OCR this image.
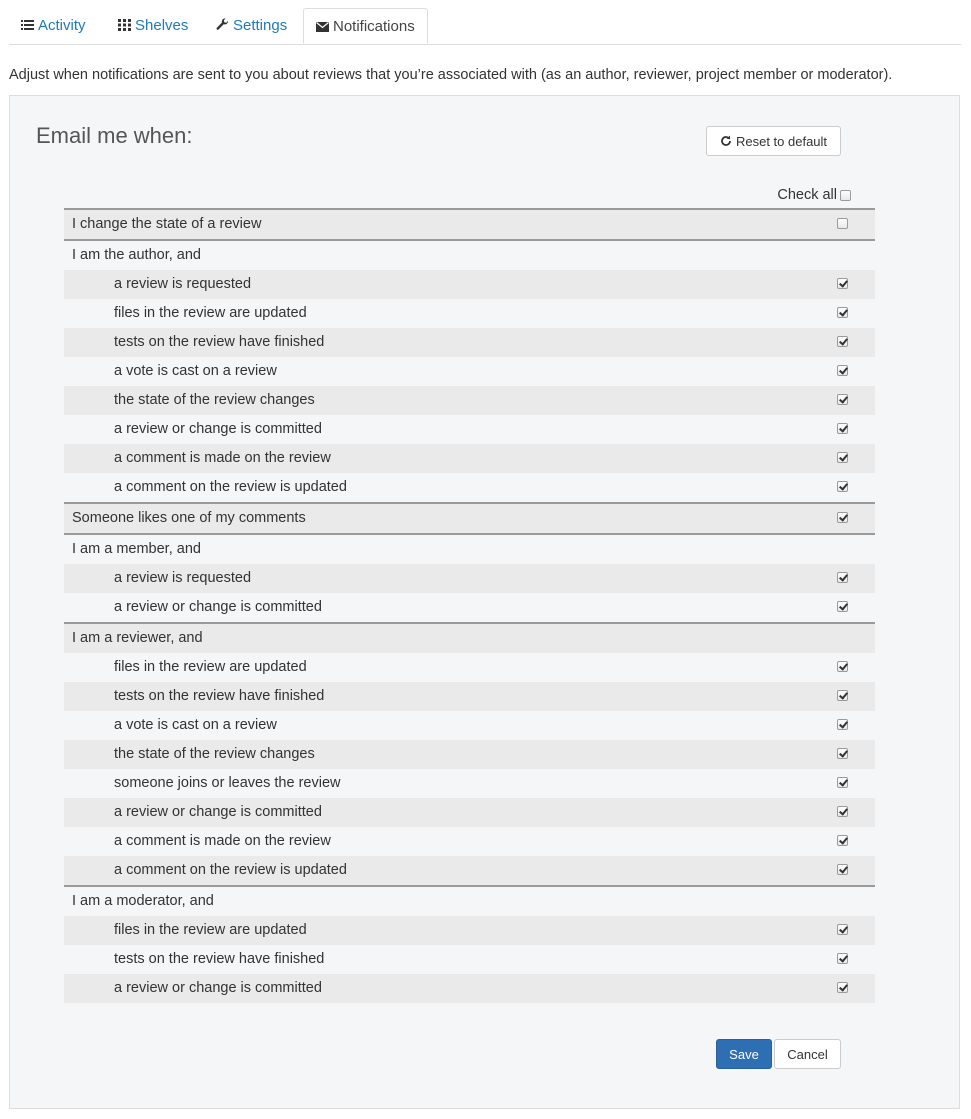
Activity	Shelves	Settings	Notifications
Adjust when notifications are sent to you about reviews that you’re associated with (as an author, reviewer, project member or moderator).
Email me when:	Reset to default
Check all
I change the state of a review
I am the author, and
a review is requested
files in the review are updated
tests on the review have finished
a vote is cast on a review
the state of the review changes
a review or change is committed
a comment is made on the review
a comment on the review is updated
Someone likes one of my comments
I am a member, and
a review is requested
a review or change is committed
I am a reviewer, and
files in the review are updated
tests on the review have finished
a vote is cast on a review
the state of the review changes
someone joins or leaves the review
a review or change is committed
a comment is made on the review
a comment on the review is updated
I am a moderator, and
files in the review are updated
tests on the review have finished
a review or change is committed
Save	Cancel
